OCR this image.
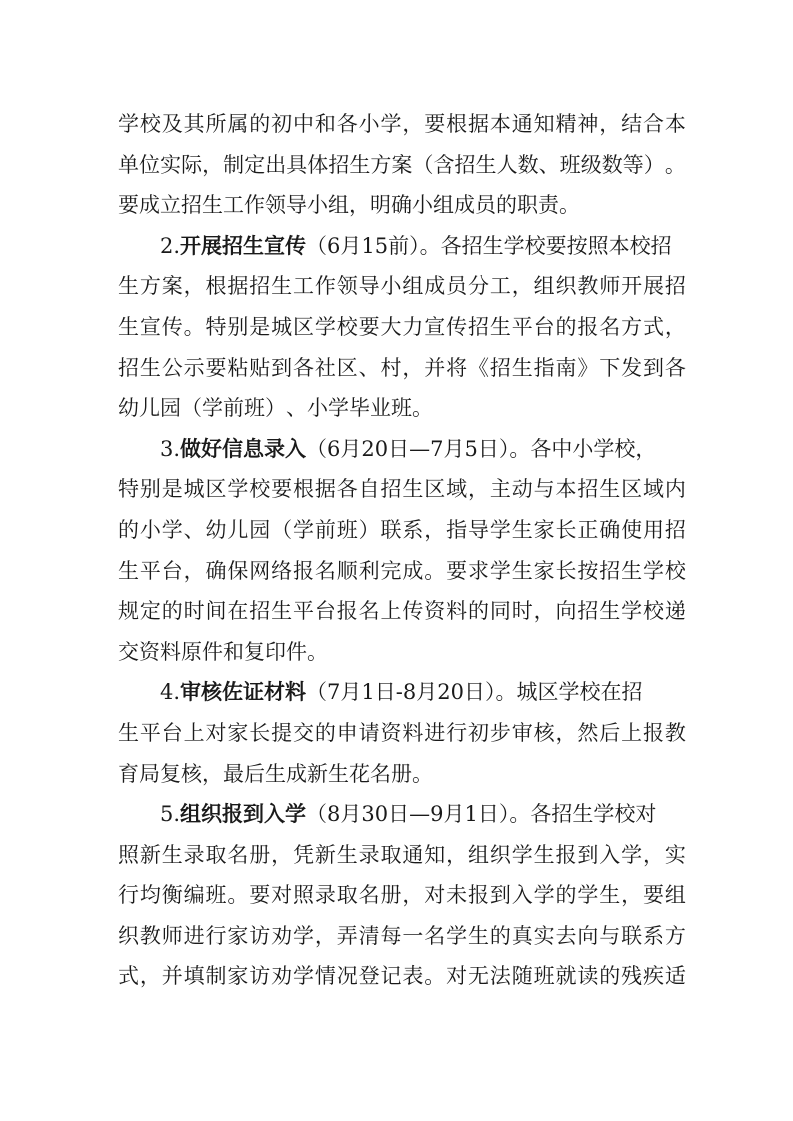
学 校 及 其 所 属 的 初 中 和 各 小 学 ， 要 根 据 本 通 知 精 神 ， 结 合 本
单 位 实 际 ， 制 定 出 具 体 招 生 方 案 （ 含 招 生 人 数 、 班 级 数 等 ） 。
要 成 立 招 生 工 作 领 导 小 组 ， 明 确 小 组 成 员 的 职 责 。
2.开展招生宣传（6月15前）。各招生学校要按照本校招
生 方 案 ， 根 据 招 生 工 作 领 导 小 组 成 员 分 工 ， 组 织 教 师 开 展 招
生 宣 传 。 特 别 是 城 区 学 校 要 大 力 宣 传 招 生 平 台 的 报 名 方 式 ，
招 生 公 示 要 粘 贴 到 各 社 区 、 村 ， 并 将 《 招 生 指 南 》 下 发 到 各
幼 儿 园 （ 学 前 班 ） 、 小 学 毕 业 班 。
3.做好信息录入（6月20日—7月5日）。各中小学校，
特 别 是 城 区 学 校 要 根 据 各 自 招 生 区 域 ， 主 动 与 本 招 生 区 域 内
的 小 学 、 幼 儿 园 （ 学 前 班 ） 联 系 ， 指 导 学 生 家 长 正 确 使 用 招
生 平 台 ， 确 保 网 络 报 名 顺 利 完 成 。 要 求 学 生 家 长 按 招 生 学 校
规 定 的 时 间 在 招 生 平 台 报 名 上 传 资 料 的 同 时 ， 向 招 生 学 校 递
交 资 料 原 件 和 复 印 件 。
4.审核佐证材料（7月1日-8月20日）。城区学校在招
生 平 台 上 对 家 长 提 交 的 申 请 资 料 进 行 初 步 审 核 ， 然 后 上 报 教
育 局 复 核 ， 最 后 生 成 新 生 花 名 册 。
5.组织报到入学（8月30日—9月1日）。各招生学校对
照 新 生 录 取 名 册 ， 凭 新 生 录 取 通 知 ， 组 织 学 生 报 到 入 学 ， 实
行 均 衡 编 班 。 要 对 照 录 取 名 册 ， 对 未 报 到 入 学 的 学 生 ， 要 组
织 教 师 进 行 家 访 劝 学 ， 弄 清 每 一 名 学 生 的 真 实 去 向 与 联 系 方
式 ， 并 填 制 家 访 劝 学 情 况 登 记 表 。 对 无 法 随 班 就 读 的 残 疾 适
